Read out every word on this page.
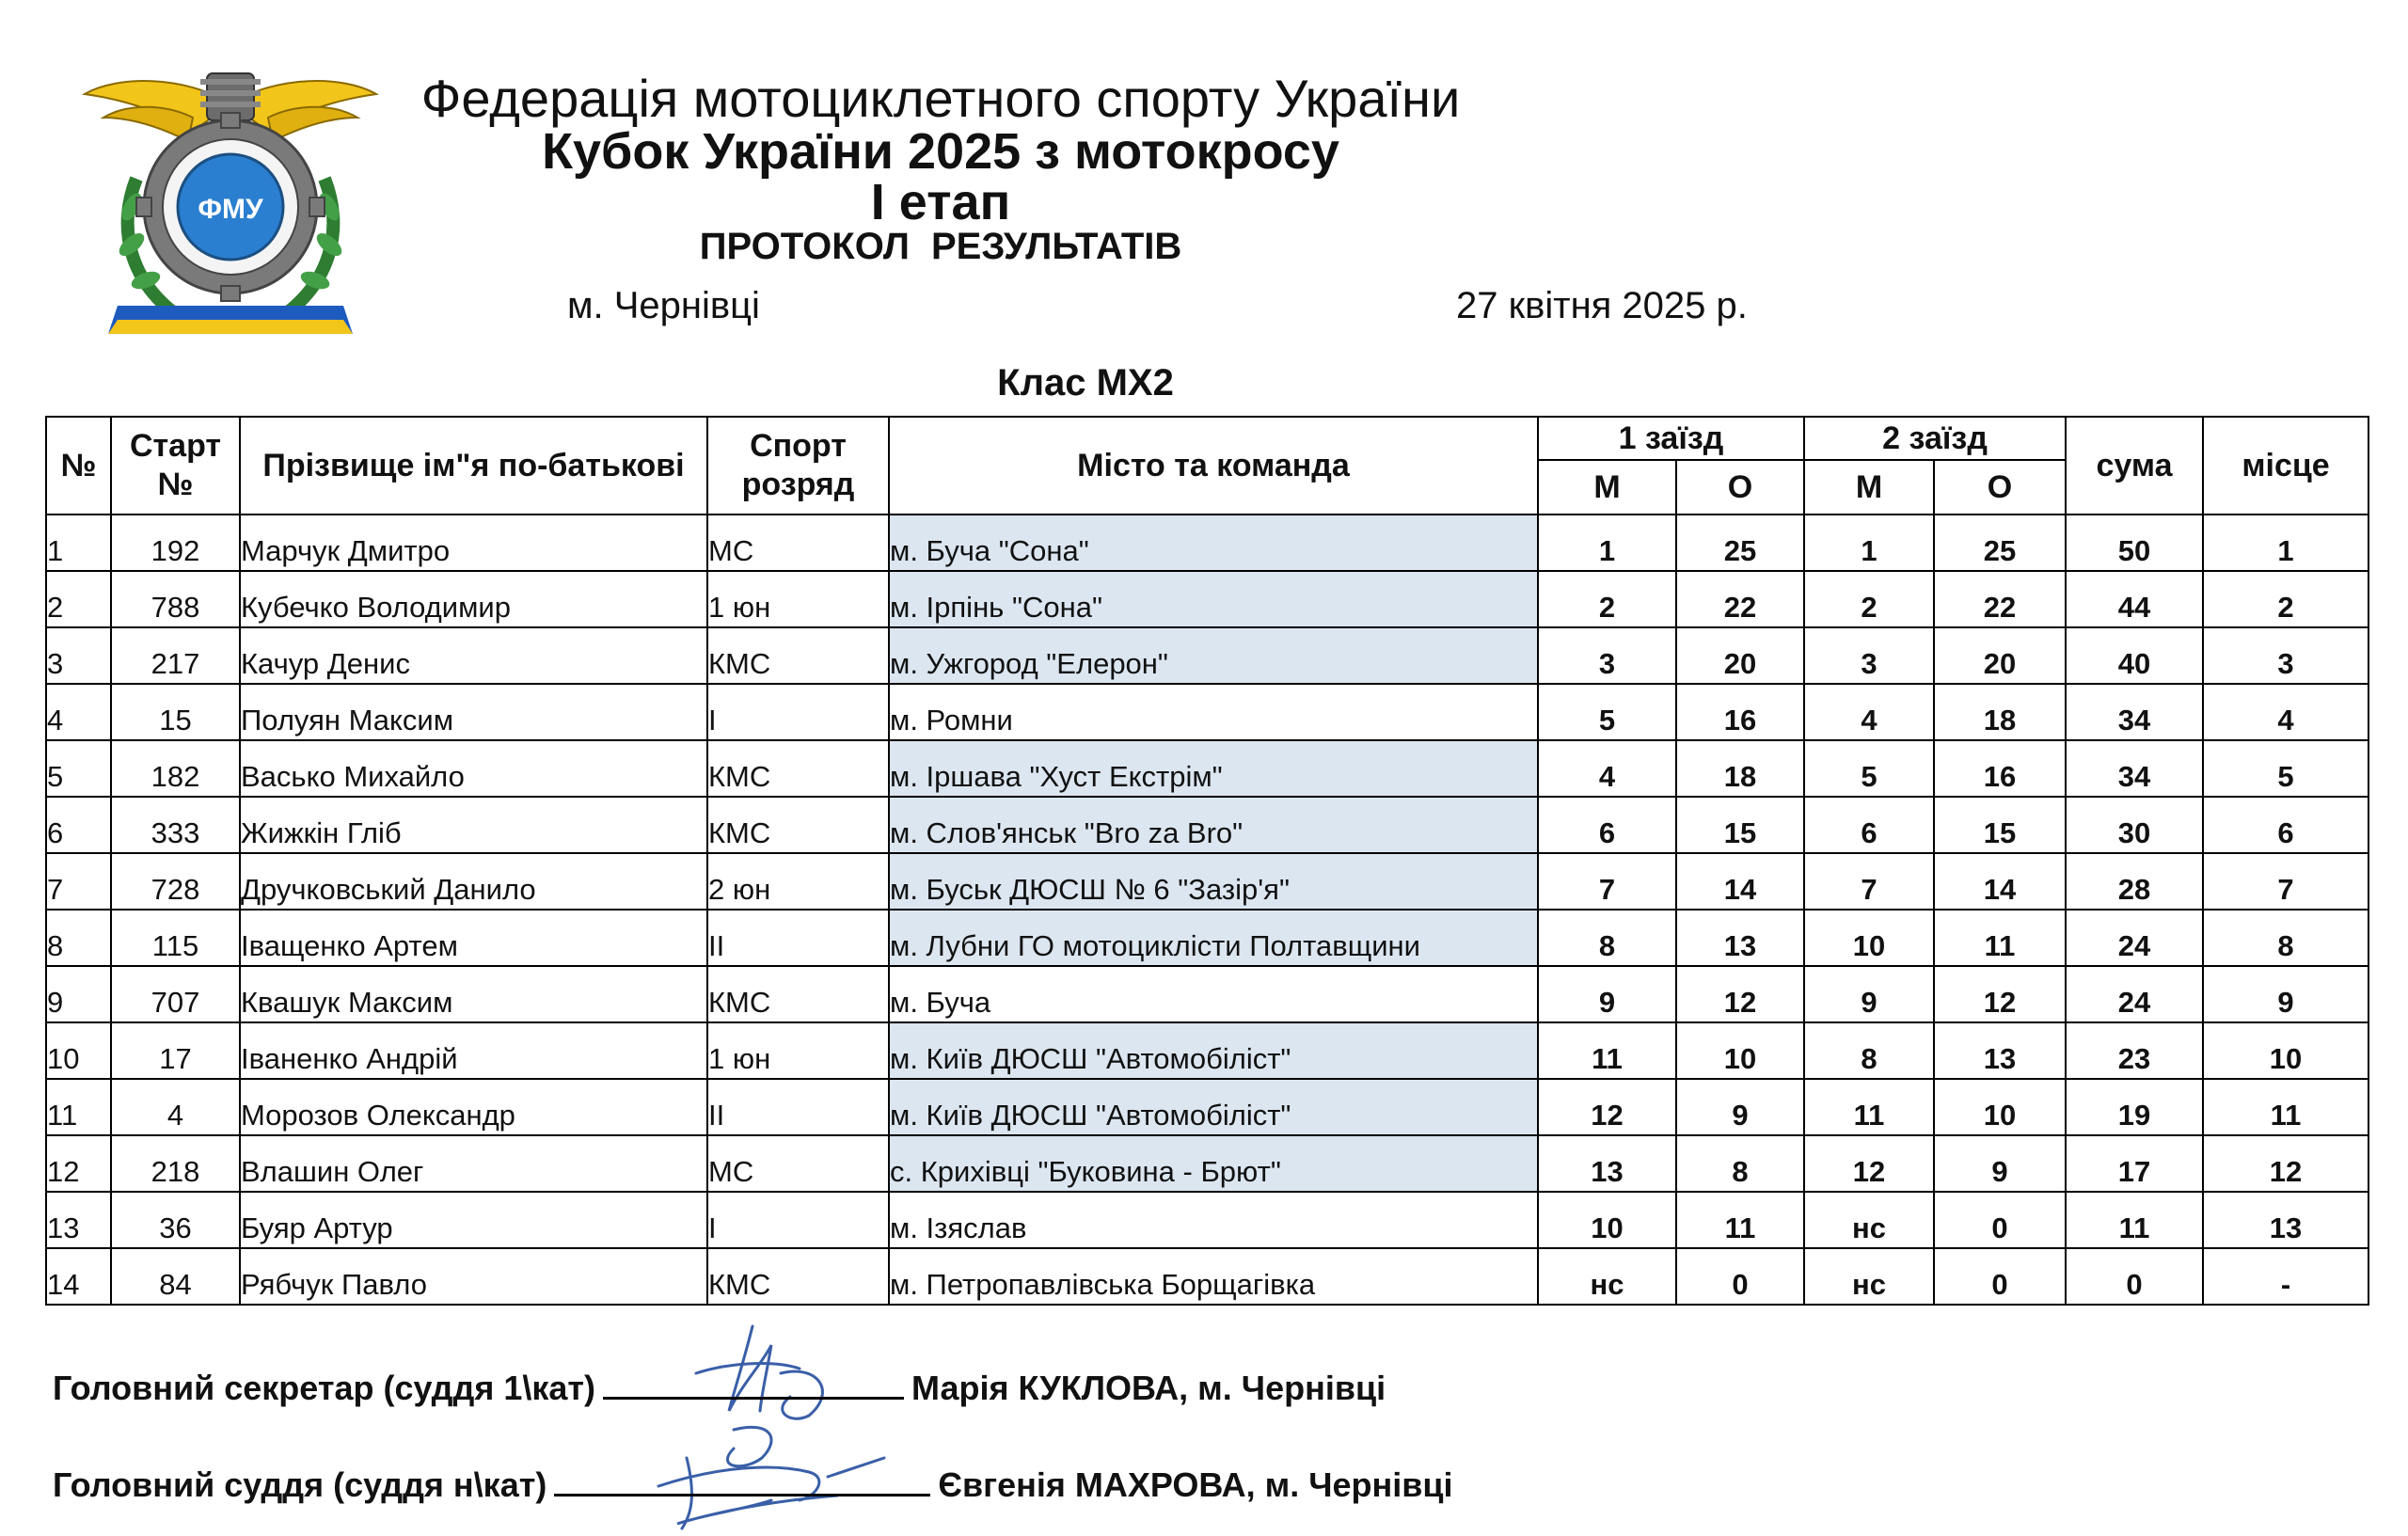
ФМУ
Федерація мотоциклетного спорту України
Кубок України 2025 з мотокросу
І етап
ПРОТОКОЛ РЕЗУЛЬТАТІВ
м. Чернівці	27 квітня 2025 р.
Клас МХ2
№	Старт №	Прізвище ім"я по-батькові	Спорт розряд	Місто та команда	1 заїзд		2 заїзд		сума	місце
					М	О	М	О		
1	192	Марчук Дмитро	МС	м. Буча "Сона"	1	25	1	25	50	1
2	788	Кубечко Володимир	1 юн	м. Ірпінь "Сона"	2	22	2	22	44	2
3	217	Качур Денис	КМС	м. Ужгород "Елерон"	3	20	3	20	40	3
4	15	Полуян Максим	І	м. Ромни	5	16	4	18	34	4
5	182	Васько Михайло	КМС	м. Іршава "Хуст Екстрім"	4	18	5	16	34	5
6	333	Жижкін Гліб	КМС	м. Слов'янськ "Bro za Bro"	6	15	6	15	30	6
7	728	Дручковський Данило	2 юн	м. Буськ ДЮСШ № 6 "Зазір'я"	7	14	7	14	28	7
8	115	Іващенко Артем	ІІ	м. Лубни ГО мотоциклісти Полтавщини	8	13	10	11	24	8
9	707	Квашук Максим	КМС	м. Буча	9	12	9	12	24	9
10	17	Іваненко Андрій	1 юн	м. Київ ДЮСШ "Автомобіліст"	11	10	8	13	23	10
11	4	Морозов Олександр	ІІ	м. Київ ДЮСШ "Автомобіліст"	12	9	11	10	19	11
12	218	Влашин Олег	МС	с. Крихівці "Буковина - Брют"	13	8	12	9	17	12
13	36	Буяр Артур	І	м. Ізяслав	10	11	нс	0	11	13
14	84	Рябчук Павло	КМС	м. Петропавлівська Борщагівка	нс	0	нс	0	0	-
Головний секретар (суддя 1\кат)	Марія КУКЛОВА, м. Чернівці
Головний суддя (суддя н\кат)	Євгенія МАХРОВА, м. Чернівці
